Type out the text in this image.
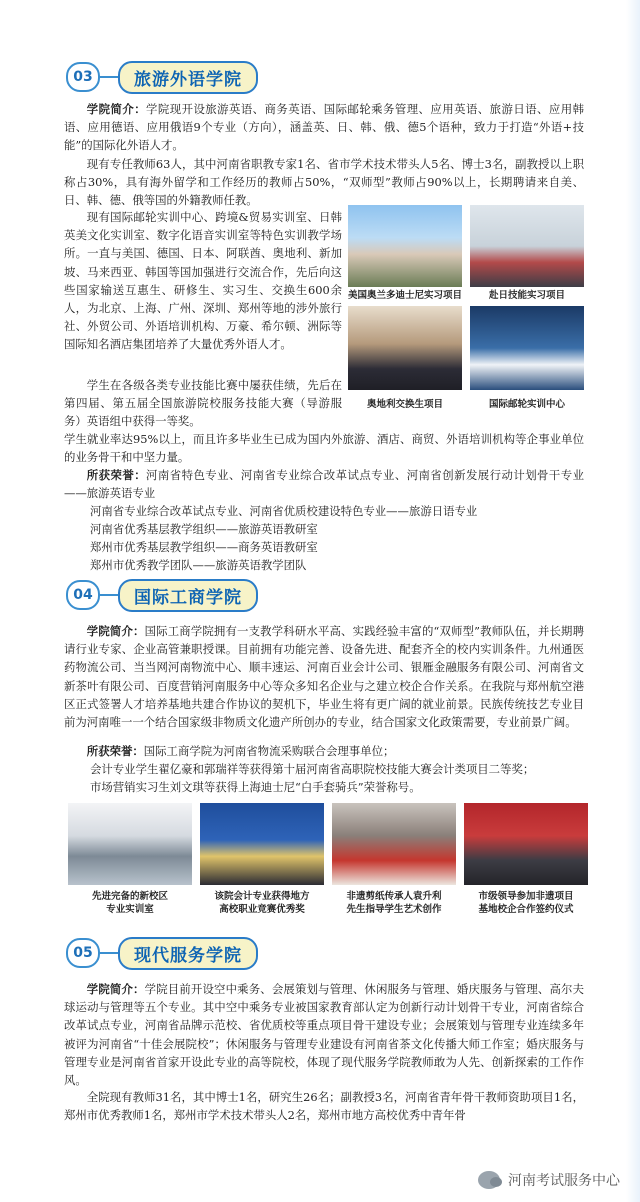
03	旅游外语学院
学院简介：学院现开设旅游英语、商务英语、国际邮轮乘务管理、应用英语、旅游日语、应用韩语、应用德语、应用俄语9个专业（方向），涵盖英、日、韩、俄、德5个语种，致力于打造“外语+技能”的国际化外语人才。
现有专任教师63人，其中河南省职教专家1名、省市学术技术带头人5名、博士3名，副教授以上职称占30%，具有海外留学和工作经历的教师占50%，“双师型”教师占90%以上，长期聘请来自美、日、韩、德、俄等国的外籍教师任教。
现有国际邮轮实训中心、跨境&贸易实训室、日韩英美文化实训室、数字化语音实训室等特色实训教学场所。一直与美国、德国、日本、阿联酋、奥地利、新加坡、马来西亚、韩国等国加强进行交流合作，先后向这些国家输送互惠生、研修生、实习生、交换生600余人，为北京、上海、广州、深圳、郑州等地的涉外旅行社、外贸公司、外语培训机构、万豪、希尔顿、洲际等国际知名酒店集团培养了大量优秀外语人才。
学生在各级各类专业技能比赛中屡获佳绩，先后在第四届、第五届全国旅游院校服务技能大赛（导游服务）英语组中获得一等奖。
学生就业率达95%以上，而且许多毕业生已成为国内外旅游、酒店、商贸、外语培训机构等企事业单位的业务骨干和中坚力量。
美国奥兰多迪士尼实习项目	赴日技能实习项目
奥地利交换生项目	国际邮轮实训中心
所获荣誉：河南省特色专业、河南省专业综合改革试点专业、河南省创新发展行动计划骨干专业——旅游英语专业
河南省专业综合改革试点专业、河南省优质校建设特色专业——旅游日语专业
河南省优秀基层教学组织——旅游英语教研室
郑州市优秀基层教学组织——商务英语教研室
郑州市优秀教学团队——旅游英语教学团队
04	国际工商学院
学院简介：国际工商学院拥有一支教学科研水平高、实践经验丰富的“双师型”教师队伍，并长期聘请行业专家、企业高管兼职授课。目前拥有功能完善、设备先进、配套齐全的校内实训条件。九州通医药物流公司、当当网河南物流中心、顺丰速运、河南百业会计公司、银雁金融服务有限公司、河南省文新茶叶有限公司、百度营销河南服务中心等众多知名企业与之建立校企合作关系。在我院与郑州航空港区正式签署人才培养基地共建合作协议的契机下，毕业生将有更广阔的就业前景。民族传统技艺专业目前为河南唯一一个结合国家级非物质文化遗产所创办的专业，结合国家文化政策需要，专业前景广阔。
所获荣誉：国际工商学院为河南省物流采购联合会理事单位；
会计专业学生翟亿豪和郭瑞祥等获得第十届河南省高职院校技能大赛会计类项目二等奖；
市场营销实习生刘文琪等获得上海迪士尼“白手套骑兵”荣誉称号。
先进完备的新校区
专业实训室
该院会计专业获得地方
高校职业竞赛优秀奖
非遗剪纸传承人袁升利
先生指导学生艺术创作
市级领导参加非遗项目
基地校企合作签约仪式
05	现代服务学院
学院简介：学院目前开设空中乘务、会展策划与管理、休闲服务与管理、婚庆服务与管理、高尔夫球运动与管理等五个专业。其中空中乘务专业被国家教育部认定为创新行动计划骨干专业，河南省综合改革试点专业，河南省品牌示范校、省优质校等重点项目骨干建设专业；会展策划与管理专业连续多年被评为河南省“十佳会展院校”；休闲服务与管理专业建设有河南省茶文化传播大师工作室；婚庆服务与管理专业是河南省首家开设此专业的高等院校，体现了现代服务学院教师敢为人先、创新探索的工作作风。
全院现有教师31名，其中博士1名，研究生26名；副教授3名，河南省青年骨干教师资助项目1名，郑州市优秀教师1名，郑州市学术技术带头人2名，郑州市地方高校优秀中青年骨
河南考试服务中心
